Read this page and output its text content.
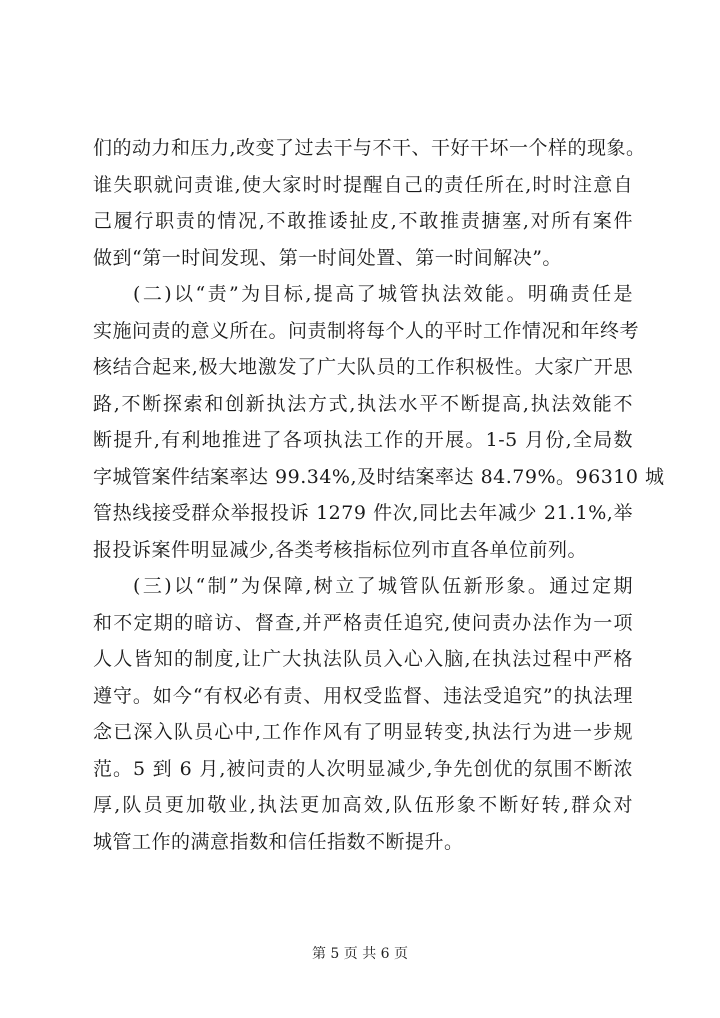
们的动力和压力,改变了过去干与不干、干好干坏一个样的现象。
谁失职就问责谁,使大家时时提醒自己的责任所在,时时注意自
己履行职责的情况,不敢推诿扯皮,不敢推责搪塞,对所有案件
做到“第一时间发现、第一时间处置、第一时间解决”。
(二)以“责”为目标,提高了城管执法效能。明确责任是
实施问责的意义所在。问责制将每个人的平时工作情况和年终考
核结合起来,极大地激发了广大队员的工作积极性。大家广开思
路,不断探索和创新执法方式,执法水平不断提高,执法效能不
断提升,有利地推进了各项执法工作的开展。1-5 月份,全局数
字城管案件结案率达 99.34%,及时结案率达 84.79%。96310 城
管热线接受群众举报投诉 1279 件次,同比去年减少 21.1%,举
报投诉案件明显减少,各类考核指标位列市直各单位前列。
(三)以“制”为保障,树立了城管队伍新形象。通过定期
和不定期的暗访、督查,并严格责任追究,使问责办法作为一项
人人皆知的制度,让广大执法队员入心入脑,在执法过程中严格
遵守。如今“有权必有责、用权受监督、违法受追究”的执法理
念已深入队员心中,工作作风有了明显转变,执法行为进一步规
范。5 到 6 月,被问责的人次明显减少,争先创优的氛围不断浓
厚,队员更加敬业,执法更加高效,队伍形象不断好转,群众对
城管工作的满意指数和信任指数不断提升。
第 5 页 共 6 页
